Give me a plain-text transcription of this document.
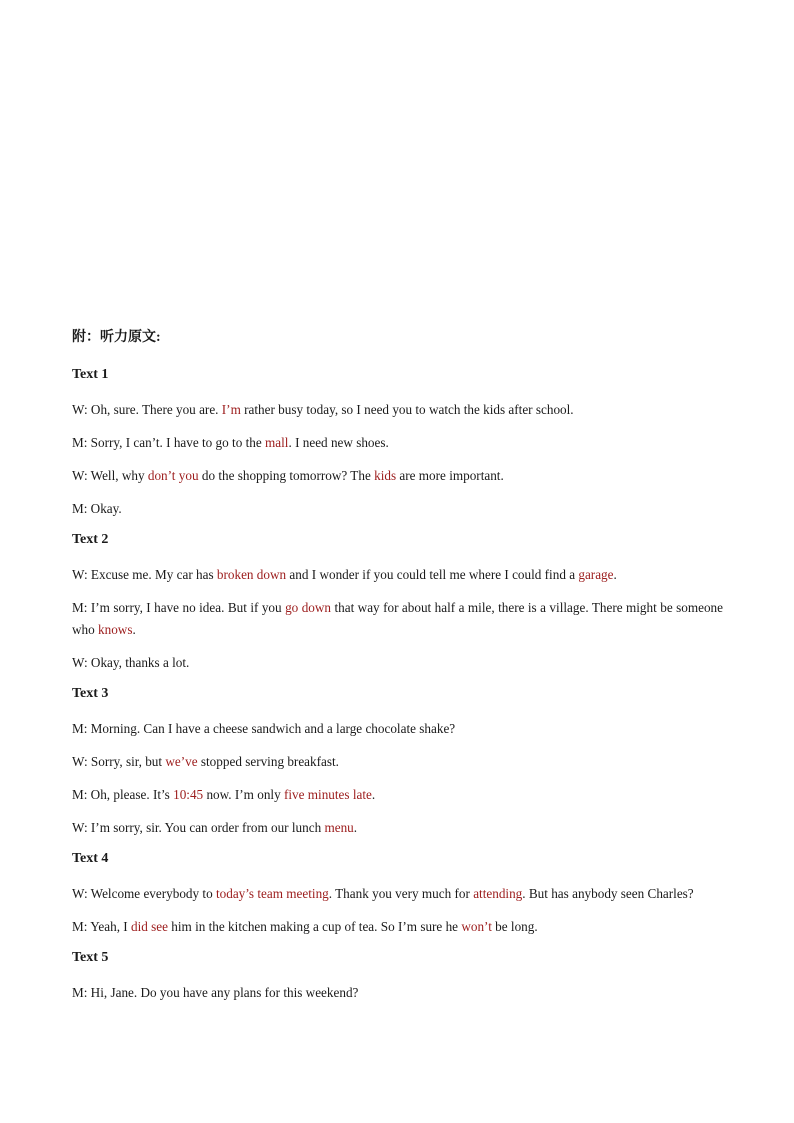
附：听力原文:

Text 1

W: Oh, sure. There you are. I’m rather busy today, so I need you to watch the kids after school.

M: Sorry, I can’t. I have to go to the mall. I need new shoes.

W: Well, why don’t you do the shopping tomorrow? The kids are more important.

M: Okay.

Text 2

W: Excuse me. My car has broken down and I wonder if you could tell me where I could find a garage.

M: I’m sorry, I have no idea. But if you go down that way for about half a mile, there is a village. There might be someone who knows.

W: Okay, thanks a lot.

Text 3

M: Morning. Can I have a cheese sandwich and a large chocolate shake?

W: Sorry, sir, but we’ve stopped serving breakfast.

M: Oh, please. It’s 10:45 now. I’m only five minutes late.

W: I’m sorry, sir. You can order from our lunch menu.

Text 4

W: Welcome everybody to today’s team meeting. Thank you very much for attending. But has anybody seen Charles?

M: Yeah, I did see him in the kitchen making a cup of tea. So I’m sure he won’t be long.

Text 5

M: Hi, Jane. Do you have any plans for this weekend?
